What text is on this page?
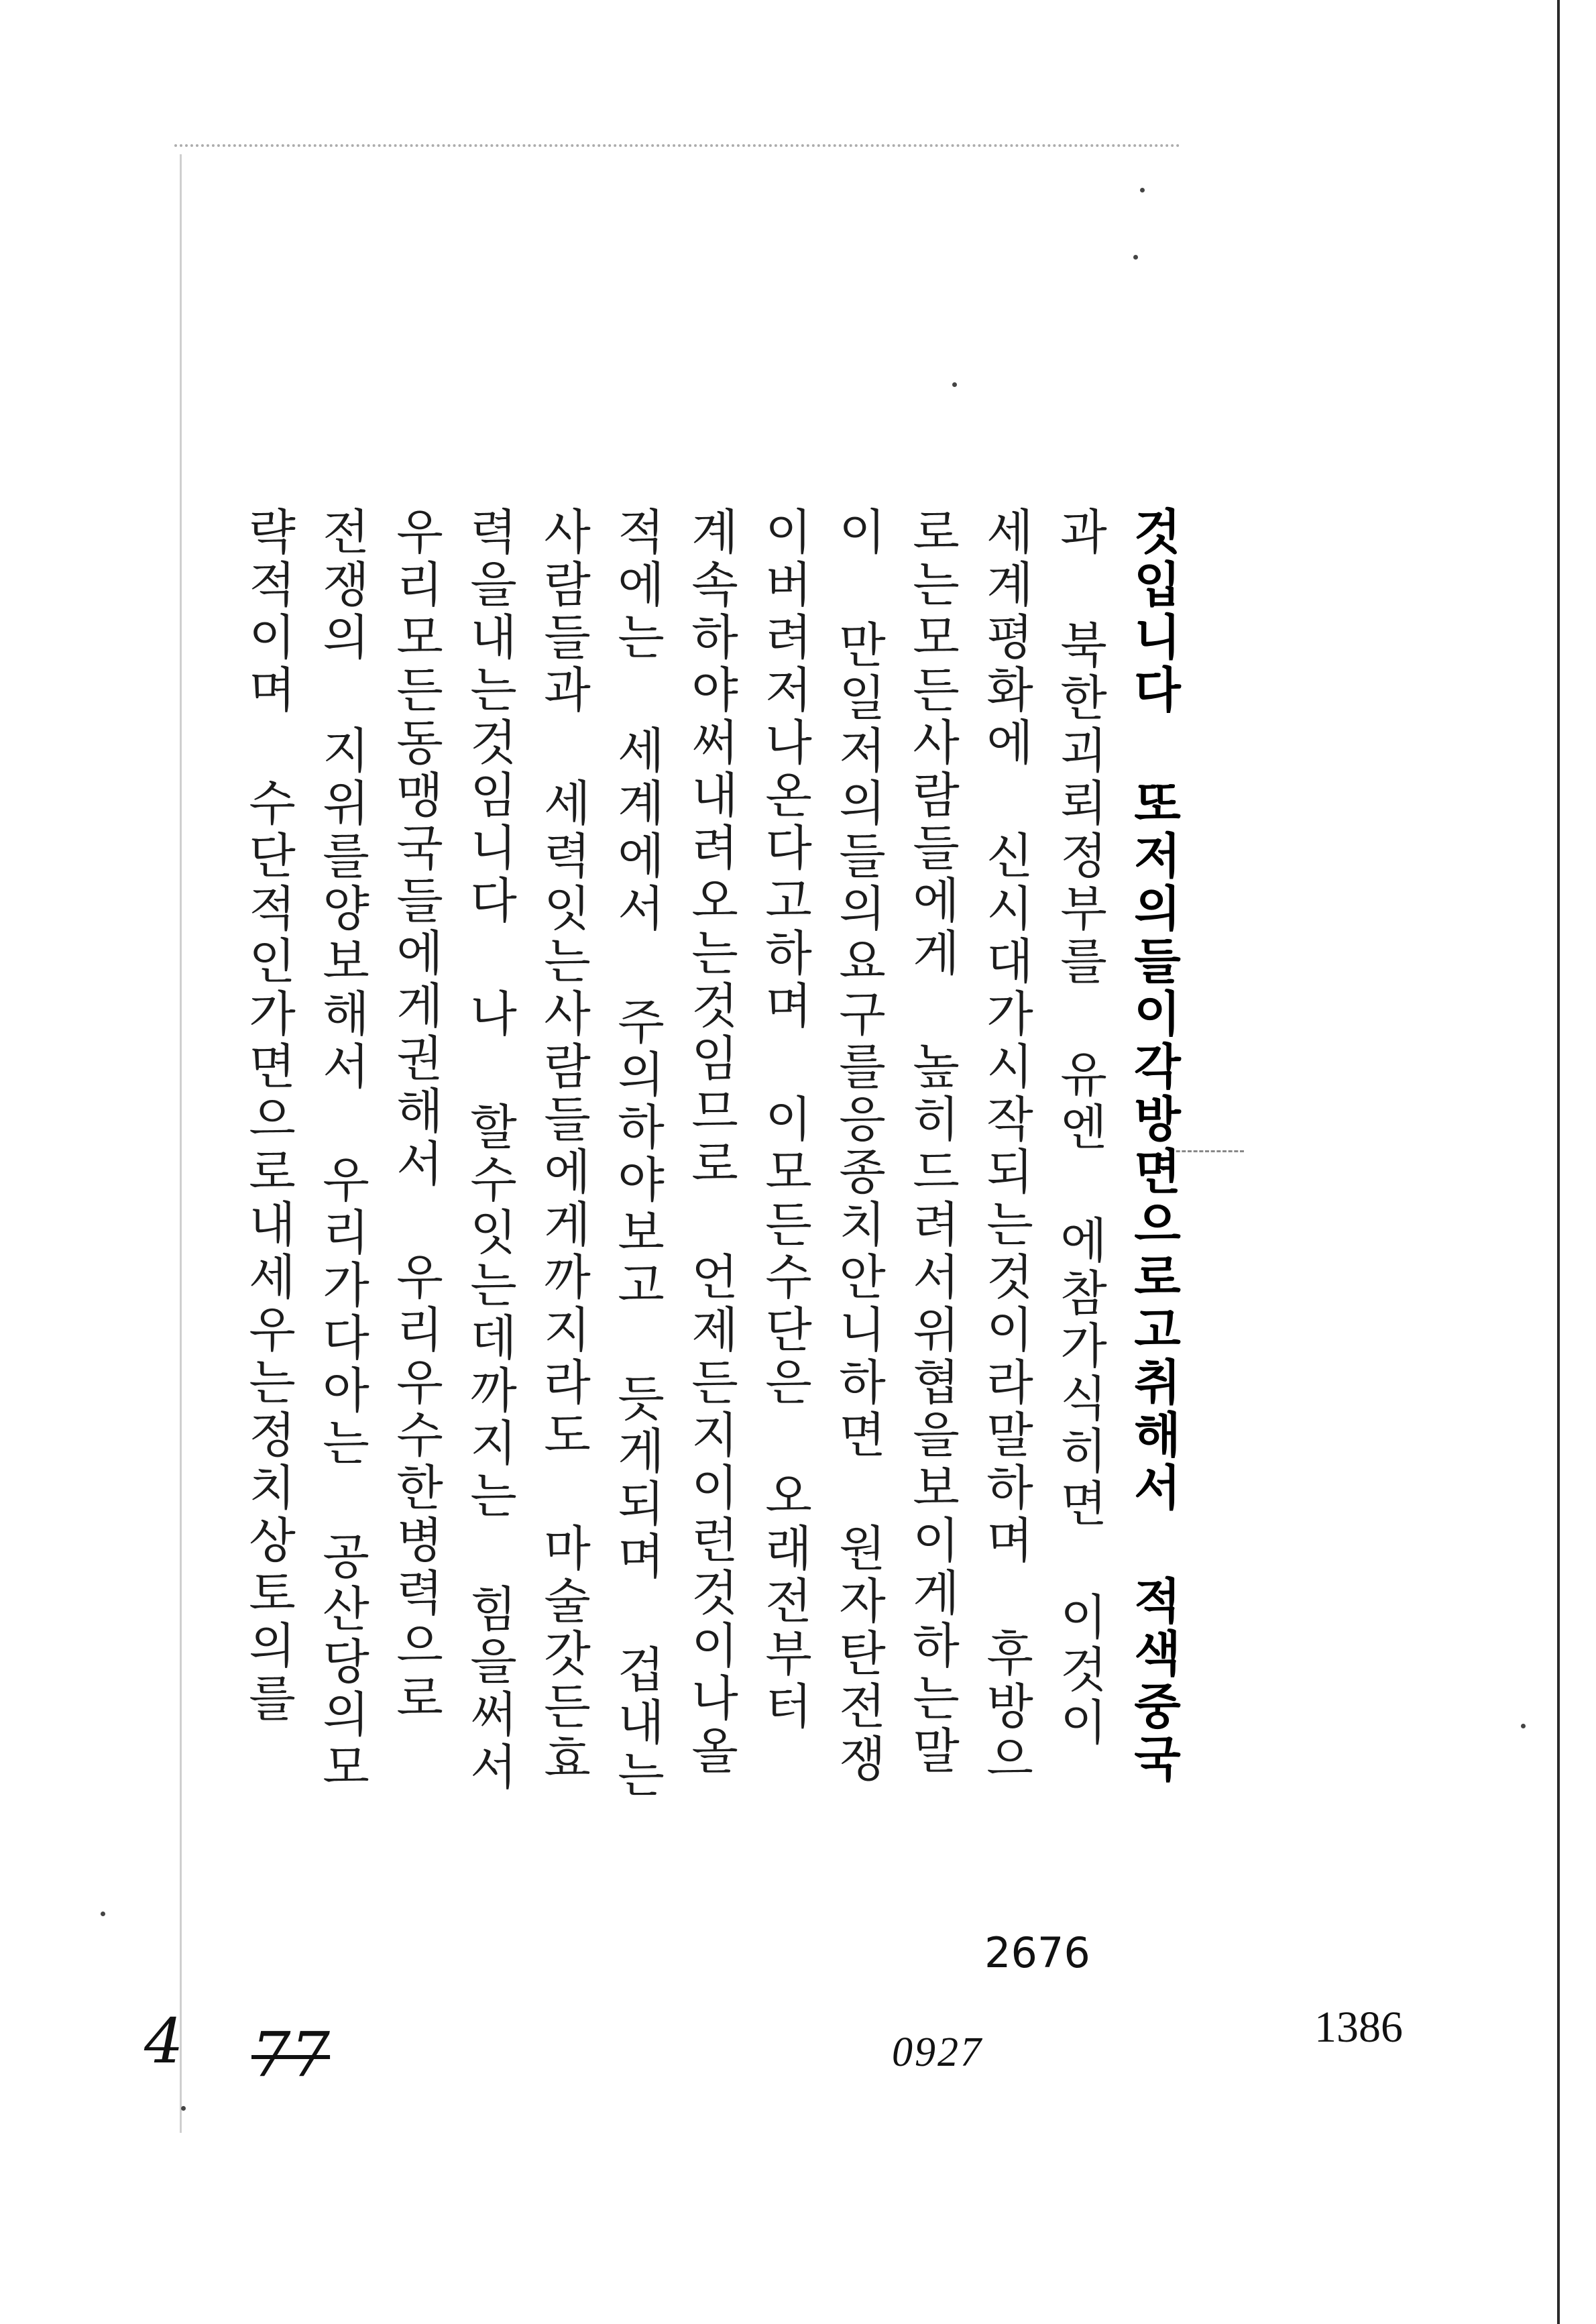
것입니다 또저의들이각방면으로고취해서 적색중국
과 북한괴뢰정부를 유엔 에참가식히면 이것이
세계평화에 신시대가시작되는것이라말하며 후방으
로는모든사람들에게 높히드려서위협을보이게하는말
이 만일저의들의요구를응종치안니하면 원자탄전쟁
이버려저나온다고하며 이모든수단은 오래전부터
계속하야써내려오는것임므로 언제든지이런것이나올
적에는 세계에서 주의하야보고 듯게되며 겁내는
사람들과 세력잇는사람들에게까지라도 마술갓든효
력을내는것임니다 나 할수잇는데까지는 힘을써서
우리모든동맹국들에게권해서 우리우수한병력으로
전쟁의 지위를양보해서 우리가다아는 공산당의모
략적이며 수단적인가면으로내세우는정치상토의를
2676
0927
1386
4 77
